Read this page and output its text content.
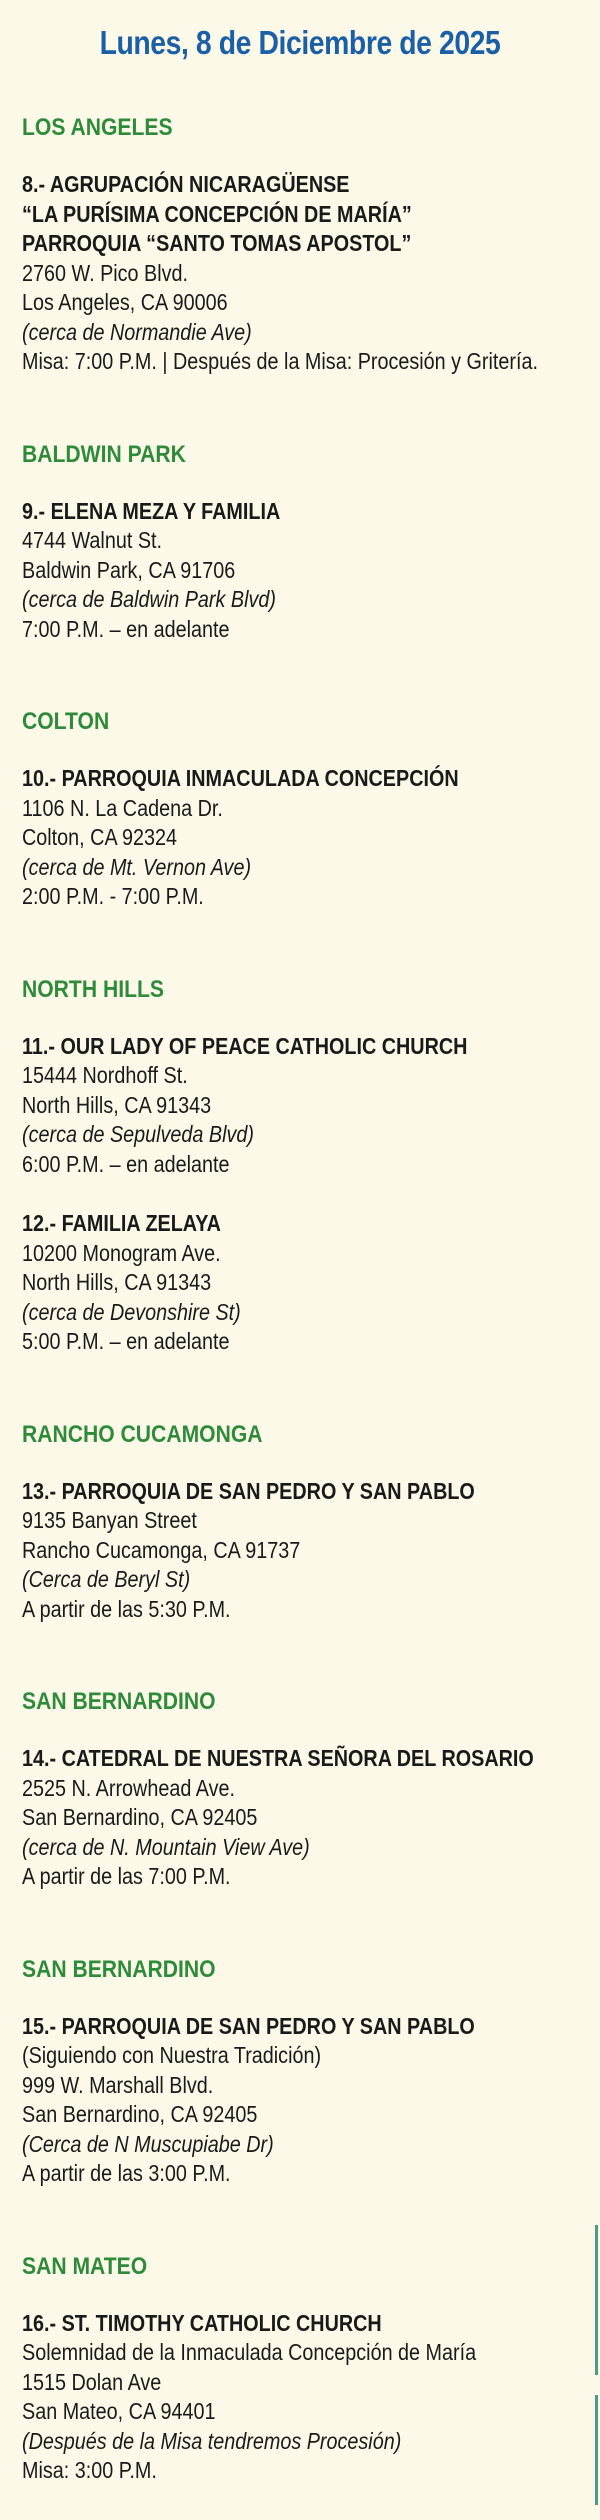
Lunes, 8 de Diciembre de 2025
LOS ANGELES
8.- AGRUPACIÓN NICARAGÜENSE
“LA PURÍSIMA CONCEPCIÓN DE MARÍA”
PARROQUIA “SANTO TOMAS APOSTOL”
2760 W. Pico Blvd.
Los Angeles, CA 90006
(cerca de Normandie Ave)
Misa: 7:00 P.M. | Después de la Misa: Procesión y Gritería.
BALDWIN PARK
9.- ELENA MEZA Y FAMILIA
4744 Walnut St.
Baldwin Park, CA 91706
(cerca de Baldwin Park Blvd)
7:00 P.M. – en adelante
COLTON
10.- PARROQUIA INMACULADA CONCEPCIÓN
1106 N. La Cadena Dr.
Colton, CA 92324
(cerca de Mt. Vernon Ave)
2:00 P.M. - 7:00 P.M.
NORTH HILLS
11.- OUR LADY OF PEACE CATHOLIC CHURCH
15444 Nordhoff St.
North Hills, CA 91343
(cerca de Sepulveda Blvd)
6:00 P.M. – en adelante
12.- FAMILIA ZELAYA
10200 Monogram Ave.
North Hills, CA 91343
(cerca de Devonshire St)
5:00 P.M. – en adelante
RANCHO CUCAMONGA
13.- PARROQUIA DE SAN PEDRO Y SAN PABLO
9135 Banyan Street
Rancho Cucamonga, CA 91737
(Cerca de Beryl St)
A partir de las 5:30 P.M.
SAN BERNARDINO
14.- CATEDRAL DE NUESTRA SEÑORA DEL ROSARIO
2525 N. Arrowhead Ave.
San Bernardino, CA 92405
(cerca de N. Mountain View Ave)
A partir de las 7:00 P.M.
SAN BERNARDINO
15.- PARROQUIA DE SAN PEDRO Y SAN PABLO
(Siguiendo con Nuestra Tradición)
999 W. Marshall Blvd.
San Bernardino, CA 92405
(Cerca de N Muscupiabe Dr)
A partir de las 3:00 P.M.
SAN MATEO
16.- ST. TIMOTHY CATHOLIC CHURCH
Solemnidad de la Inmaculada Concepción de María
1515 Dolan Ave
San Mateo, CA 94401
(Después de la Misa tendremos Procesión)
Misa: 3:00 P.M.
